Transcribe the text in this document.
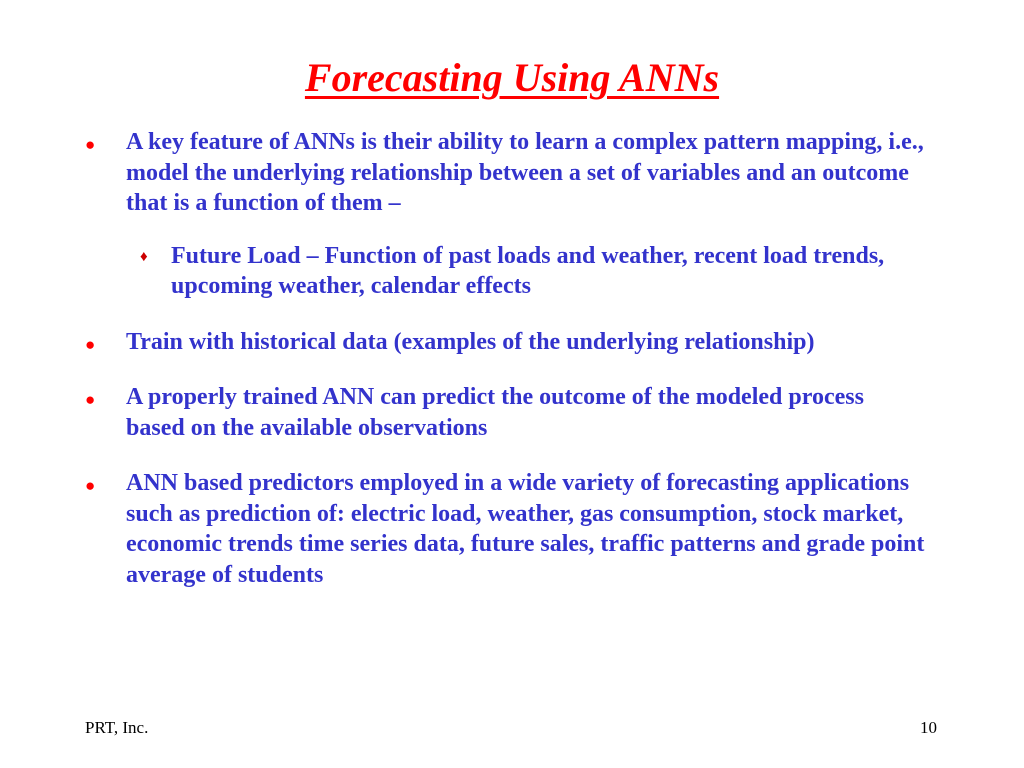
Forecasting Using ANNs
● A key feature of ANNs is their ability to learn a complex pattern mapping, i.e., model the underlying relationship between a set of variables and an outcome that is a function of them –
♦ Future Load – Function of past loads and weather, recent load trends, upcoming weather, calendar effects
● Train with historical data (examples of the underlying relationship)
● A properly trained ANN can predict the outcome of the modeled process based on the available observations
● ANN based predictors employed in a wide variety of forecasting applications such as prediction of: electric load, weather, gas consumption, stock market, economic trends time series data, future sales, traffic patterns and grade point average of students
PRT, Inc.	10
